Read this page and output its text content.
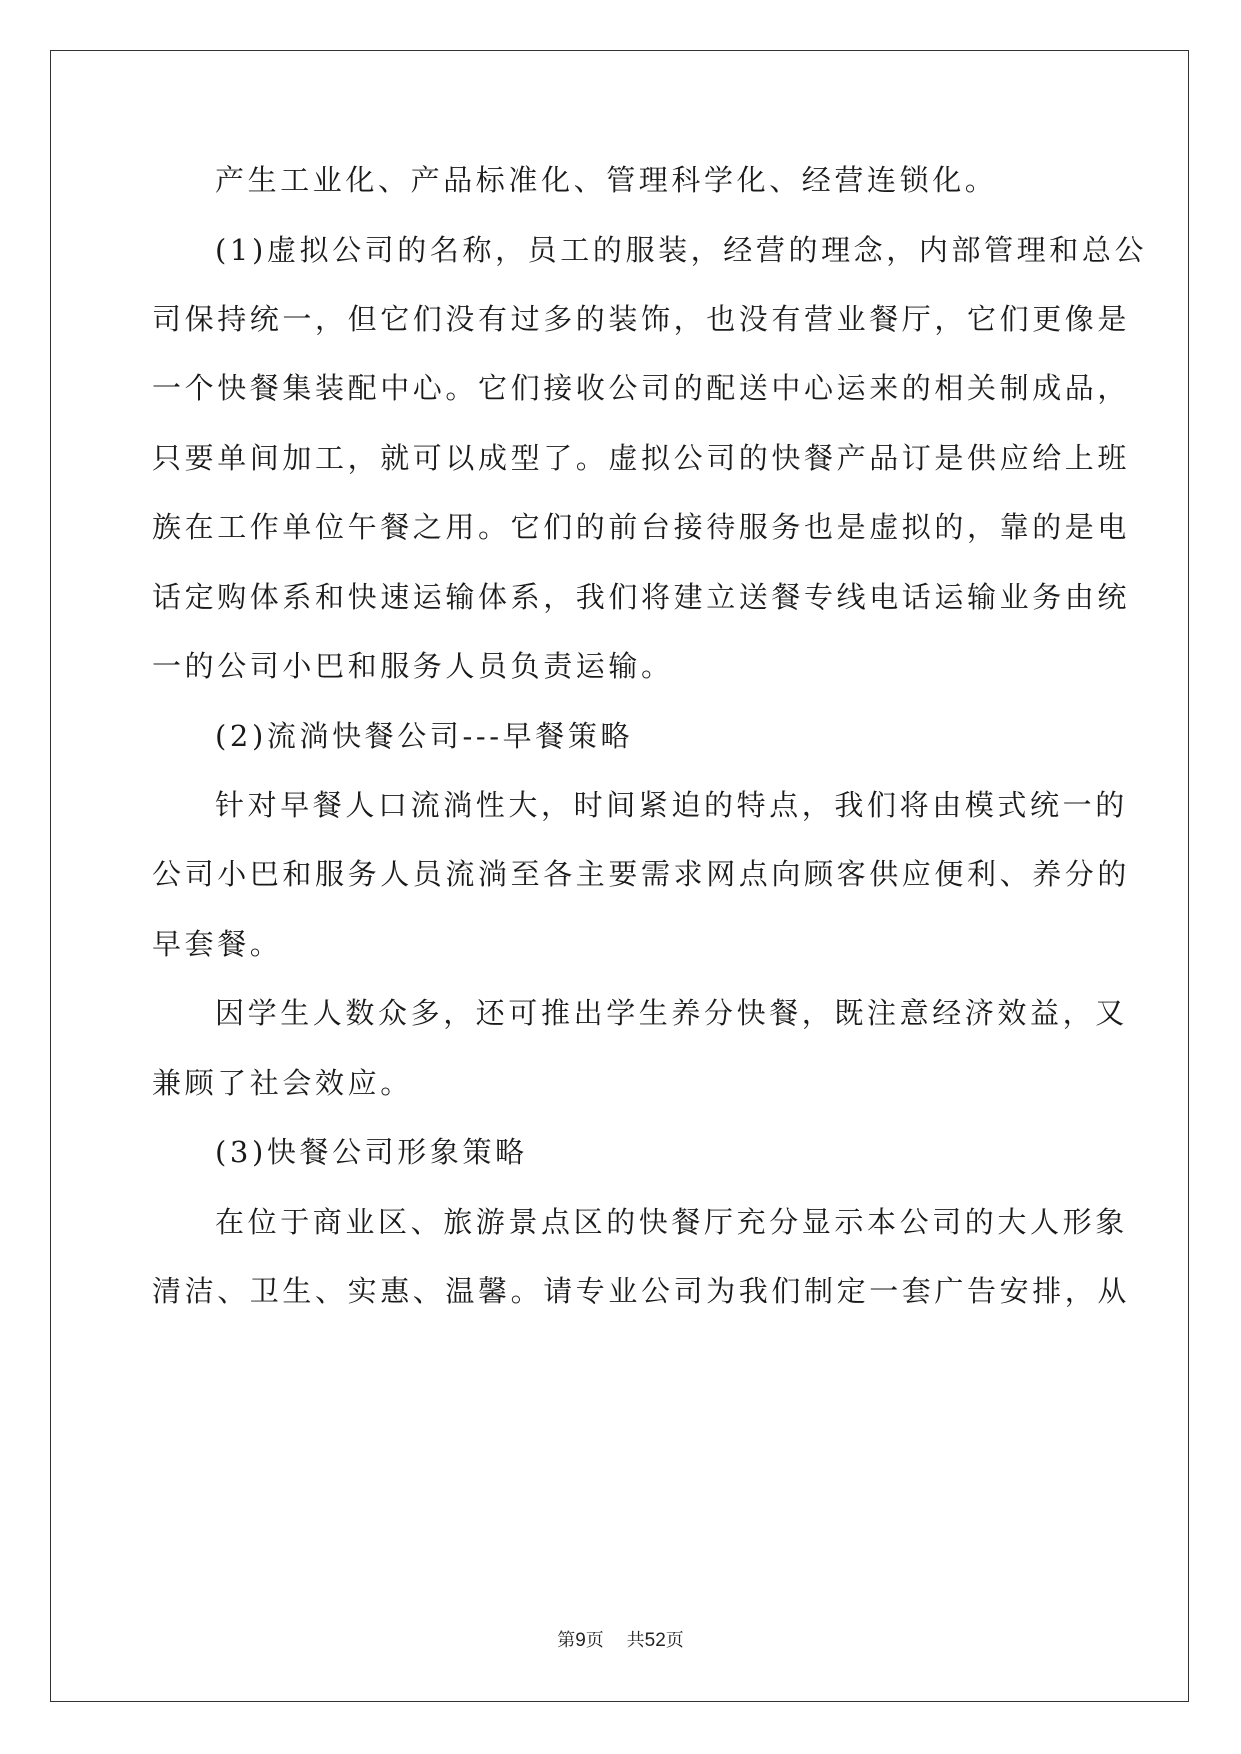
产生工业化、产品标准化、管理科学化、经营连锁化。
(1)虚拟公司的名称，员工的服装，经营的理念，内部管理和总公
司保持统一，但它们没有过多的装饰，也没有营业餐厅，它们更像是
一个快餐集装配中心。它们接收公司的配送中心运来的相关制成品，
只要单间加工，就可以成型了。虚拟公司的快餐产品订是供应给上班
族在工作单位午餐之用。它们的前台接待服务也是虚拟的，靠的是电
话定购体系和快速运输体系，我们将建立送餐专线电话运输业务由统
一的公司小巴和服务人员负责运输。
(2)流淌快餐公司---早餐策略
针对早餐人口流淌性大，时间紧迫的特点，我们将由模式统一的
公司小巴和服务人员流淌至各主要需求网点向顾客供应便利、养分的
早套餐。
因学生人数众多，还可推出学生养分快餐，既注意经济效益，又
兼顾了社会效应。
(3)快餐公司形象策略
在位于商业区、旅游景点区的快餐厅充分显示本公司的大人形象
清洁、卫生、实惠、温馨。请专业公司为我们制定一套广告安排，从
第9页 共52页
